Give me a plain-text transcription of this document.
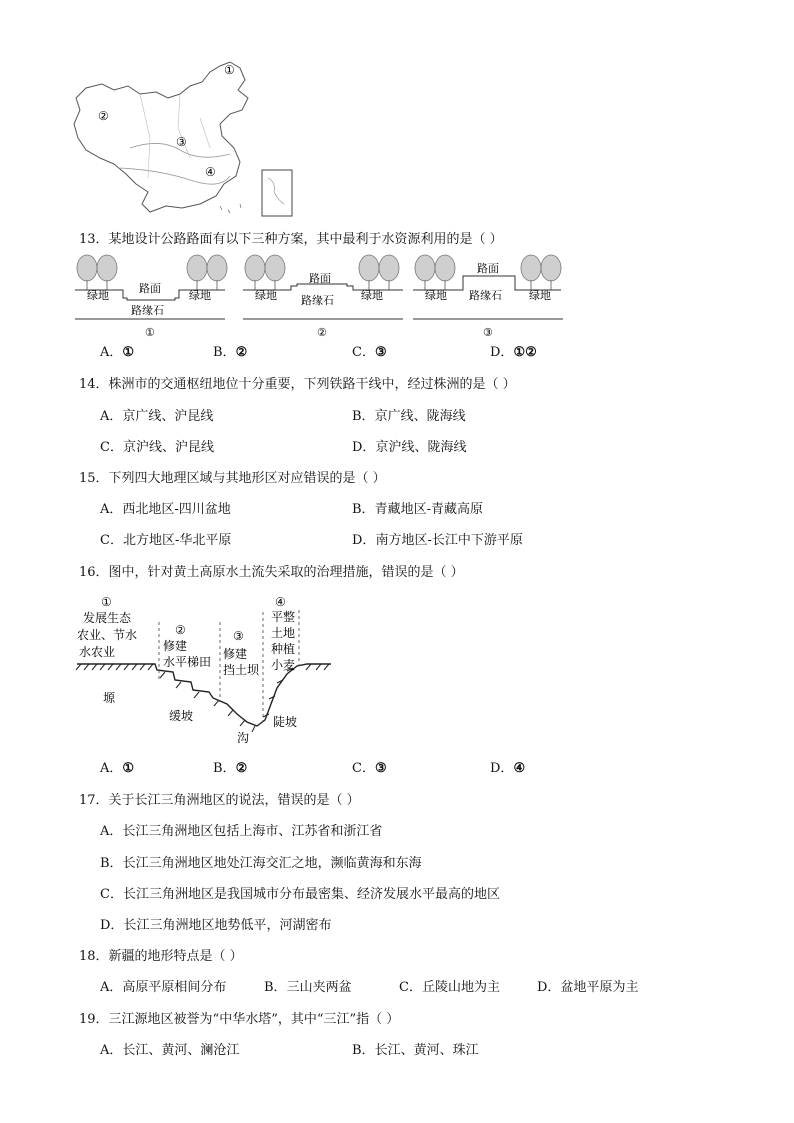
①
②
③
④
13．某地设计公路路面有以下三种方案，其中最利于水资源利用的是（ ）
绿地	绿地
路面
路缘石
①
绿地	绿地
路面
路缘石
②
绿地	绿地
路面
路缘石
③
A．①	B．②	C．③	D．①②
14．株洲市的交通枢纽地位十分重要，下列铁路干线中，经过株洲的是（ ）
A．京广线、沪昆线	B．京广线、陇海线
C．京沪线、沪昆线	D．京沪线、陇海线
15．下列四大地理区域与其地形区对应错误的是（ ）
A．西北地区-四川盆地	B．青藏地区-青藏高原
C．北方地区-华北平原	D．南方地区-长江中下游平原
16．图中，针对黄土高原水土流失采取的治理措施，错误的是（ ）
①
发展生态
农业、节水
水农业
②
修建
水平梯田
③
修建
挡土坝
④
平整
土地
种植
小麦
塬
缓坡
沟
陡坡
A．①	B．②	C．③	D．④
17．关于长江三角洲地区的说法，错误的是（ ）
A．长江三角洲地区包括上海市、江苏省和浙江省
B．长江三角洲地区地处江海交汇之地，濒临黄海和东海
C．长江三角洲地区是我国城市分布最密集、经济发展水平最高的地区
D．长江三角洲地区地势低平，河湖密布
18．新疆的地形特点是（ ）
A．高原平原相间分布	B．三山夹两盆	C．丘陵山地为主	D．盆地平原为主
19．三江源地区被誉为“中华水塔”，其中“三江”指（ ）
A．长江、黄河、澜沧江	B．长江、黄河、珠江
